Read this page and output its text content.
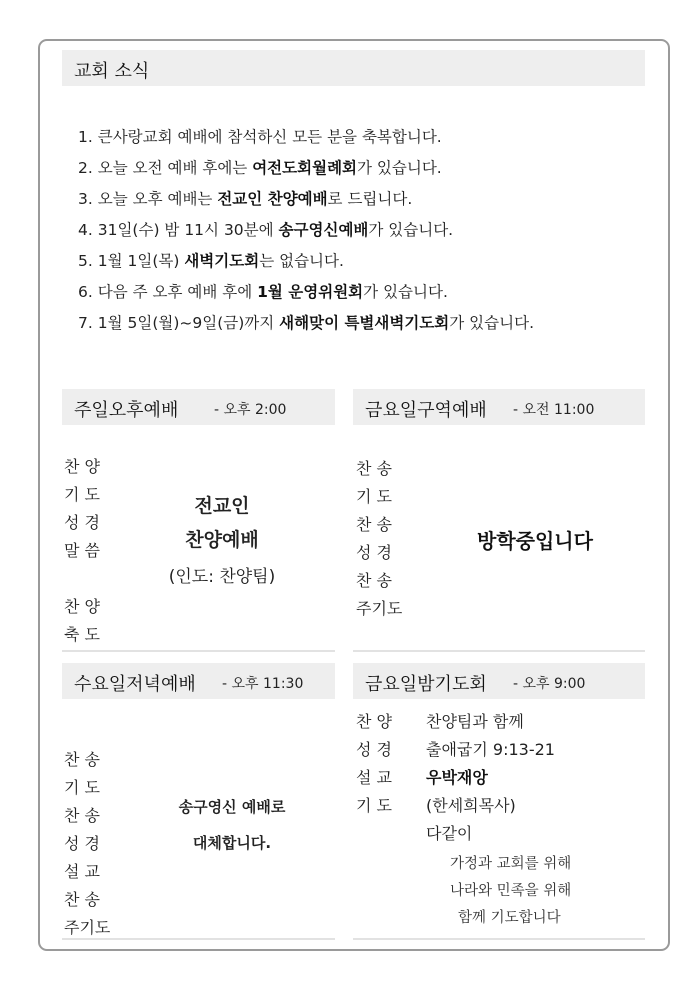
교회 소식
1. 큰사랑교회 예배에 참석하신 모든 분을 축복합니다.
2. 오늘 오전 예배 후에는 여전도회월례회가 있습니다.
3. 오늘 오후 예배는 전교인 찬양예배로 드립니다.
4. 31일(수) 밤 11시 30분에 송구영신예배가 있습니다.
5. 1월 1일(목) 새벽기도회는 없습니다.
6. 다음 주 오후 예배 후에 1월 운영위원회가 있습니다.
7. 1월 5일(월)~9일(금)까지 새해맞이 특별새벽기도회가 있습니다.
주일오후예배	- 오후 2:00
찬 양
기 도
성 경
말 씀
찬 양
축 도
전교인
찬양예배
(인도: 찬양팀)
금요일구역예배 - 오전 11:00
찬 송
기 도
찬 송
성 경
찬 송
주기도
방학중입니다
수요일저녁예배 - 오후 11:30
찬 송
기 도
찬 송
성 경
설 교
찬 송
주기도
송구영신 예배로
대체합니다.
금요일밤기도회 - 오후 9:00
찬 양
성 경
설 교
기 도
찬양팀과 함께
출애굽기 9:13-21
우박재앙
(한세희목사)
다같이
가정과 교회를 위해
나라와 민족을 위해
함께 기도합니다
